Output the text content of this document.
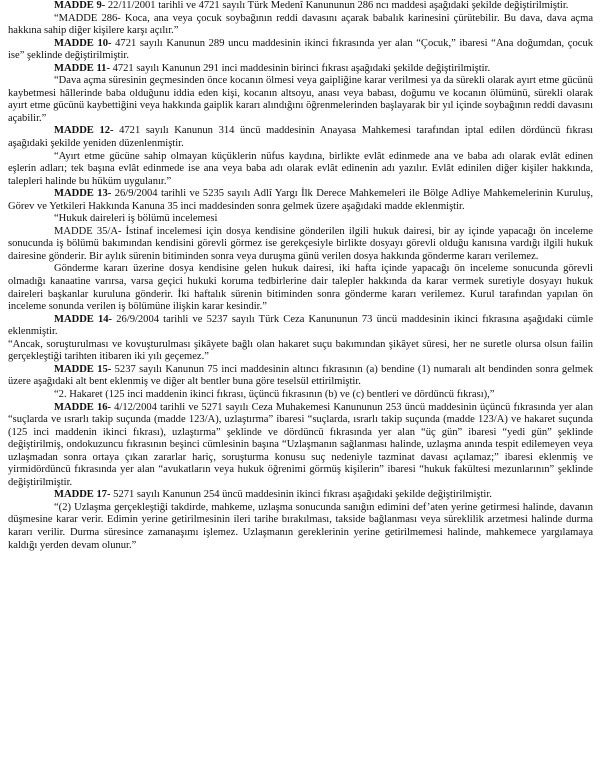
MADDE 9- 22/11/2001 tarihli ve 4721 sayılı Türk Medenî Kanununun 286 ncı maddesi aşağıdaki şekilde değiştirilmiştir.

“MADDE 286- Koca, ana veya çocuk soybağının reddi davasını açarak babalık karinesini çürütebilir. Bu dava, dava açma hakkına sahip diğer kişilere karşı açılır.”

MADDE 10- 4721 sayılı Kanunun 289 uncu maddesinin ikinci fıkrasında yer alan “Çocuk,” ibaresi “Ana doğumdan, çocuk ise” şeklinde değiştirilmiştir.

MADDE 11- 4721 sayılı Kanunun 291 inci maddesinin birinci fıkrası aşağıdaki şekilde değiştirilmiştir.

“Dava açma süresinin geçmesinden önce kocanın ölmesi veya gaipliğine karar verilmesi ya da sürekli olarak ayırt etme gücünü kaybetmesi hâllerinde baba olduğunu iddia eden kişi, kocanın altsoyu, anası veya babası, doğumu ve kocanın ölümünü, sürekli olarak ayırt etme gücünü kaybettiğini veya hakkında gaiplik kararı alındığını öğrenmelerinden başlayarak bir yıl içinde soybağının reddi davasını açabilir.”

MADDE 12- 4721 sayılı Kanunun 314 üncü maddesinin Anayasa Mahkemesi tarafından iptal edilen dördüncü fıkrası aşağıdaki şekilde yeniden düzenlenmiştir.

“Ayırt etme gücüne sahip olmayan küçüklerin nüfus kaydına, birlikte evlât edinmede ana ve baba adı olarak evlât edinen eşlerin adları; tek başına evlât edinmede ise ana veya baba adı olarak evlât edinenin adı yazılır. Evlât edinilen diğer kişiler hakkında, talepleri halinde bu hüküm uygulanır.”

MADDE 13- 26/9/2004 tarihli ve 5235 sayılı Adlî Yargı İlk Derece Mahkemeleri ile Bölge Adliye Mahkemelerinin Kuruluş, Görev ve Yetkileri Hakkında Kanuna 35 inci maddesinden sonra gelmek üzere aşağıdaki madde eklenmiştir.

“Hukuk daireleri iş bölümü incelemesi

MADDE 35/A- İstinaf incelemesi için dosya kendisine gönderilen ilgili hukuk dairesi, bir ay içinde yapacağı ön inceleme sonucunda iş bölümü bakımından kendisini görevli görmez ise gerekçesiyle birlikte dosyayı görevli olduğu kanısına vardığı ilgili hukuk dairesine gönderir. Bir aylık sürenin bitiminden sonra veya duruşma günü verilen dosya hakkında gönderme kararı verilemez.

Gönderme kararı üzerine dosya kendisine gelen hukuk dairesi, iki hafta içinde yapacağı ön inceleme sonucunda görevli olmadığı kanaatine varırsa, varsa geçici hukuki koruma tedbirlerine dair talepler hakkında da karar vermek suretiyle dosyayı hukuk daireleri başkanlar kuruluna gönderir. İki haftalık sürenin bitiminden sonra gönderme kararı verilemez. Kurul tarafından yapılan ön inceleme sonunda verilen iş bölümüne ilişkin karar kesindir.”

MADDE 14- 26/9/2004 tarihli ve 5237 sayılı Türk Ceza Kanununun 73 üncü maddesinin ikinci fıkrasına aşağıdaki cümle eklenmiştir.

“Ancak, soruşturulması ve kovuşturulması şikâyete bağlı olan hakaret suçu bakımından şikâyet süresi, her ne suretle olursa olsun failin gerçekleştiği tarihten itibaren iki yılı geçemez.”

MADDE 15- 5237 sayılı Kanunun 75 inci maddesinin altıncı fıkrasının (a) bendine (1) numaralı alt bendinden sonra gelmek üzere aşağıdaki alt bent eklenmiş ve diğer alt bentler buna göre teselsül ettirilmiştir.

“2. Hakaret (125 inci maddenin ikinci fıkrası, üçüncü fıkrasının (b) ve (c) bentleri ve dördüncü fıkrası),”

MADDE 16- 4/12/2004 tarihli ve 5271 sayılı Ceza Muhakemesi Kanununun 253 üncü maddesinin üçüncü fıkrasında yer alan “suçlarda ve ısrarlı takip suçunda (madde 123/A), uzlaştırma” ibaresi “suçlarda, ısrarlı takip suçunda (madde 123/A) ve hakaret suçunda (125 inci maddenin ikinci fıkrası), uzlaştırma” şeklinde ve dördüncü fıkrasında yer alan “üç gün” ibaresi “yedi gün” şeklinde değiştirilmiş, ondokuzuncu fıkrasının beşinci cümlesinin başına “Uzlaşmanın sağlanması halinde, uzlaşma anında tespit edilemeyen veya uzlaşmadan sonra ortaya çıkan zararlar hariç, soruşturma konusu suç nedeniyle tazminat davası açılamaz;” ibaresi eklenmiş ve yirmidördüncü fıkrasında yer alan “avukatların veya hukuk öğrenimi görmüş kişilerin” ibaresi “hukuk fakültesi mezunlarının” şeklinde değiştirilmiştir.

MADDE 17- 5271 sayılı Kanunun 254 üncü maddesinin ikinci fıkrası aşağıdaki şekilde değiştirilmiştir.

“(2) Uzlaşma gerçekleştiği takdirde, mahkeme, uzlaşma sonucunda sanığın edimini def’aten yerine getirmesi halinde, davanın düşmesine karar verir. Edimin yerine getirilmesinin ileri tarihe bırakılması, takside bağlanması veya süreklilik arzetmesi halinde durma kararı verilir. Durma süresince zamanaşımı işlemez. Uzlaşmanın gereklerinin yerine getirilmemesi halinde, mahkemece yargılamaya kaldığı yerden devam olunur.”
